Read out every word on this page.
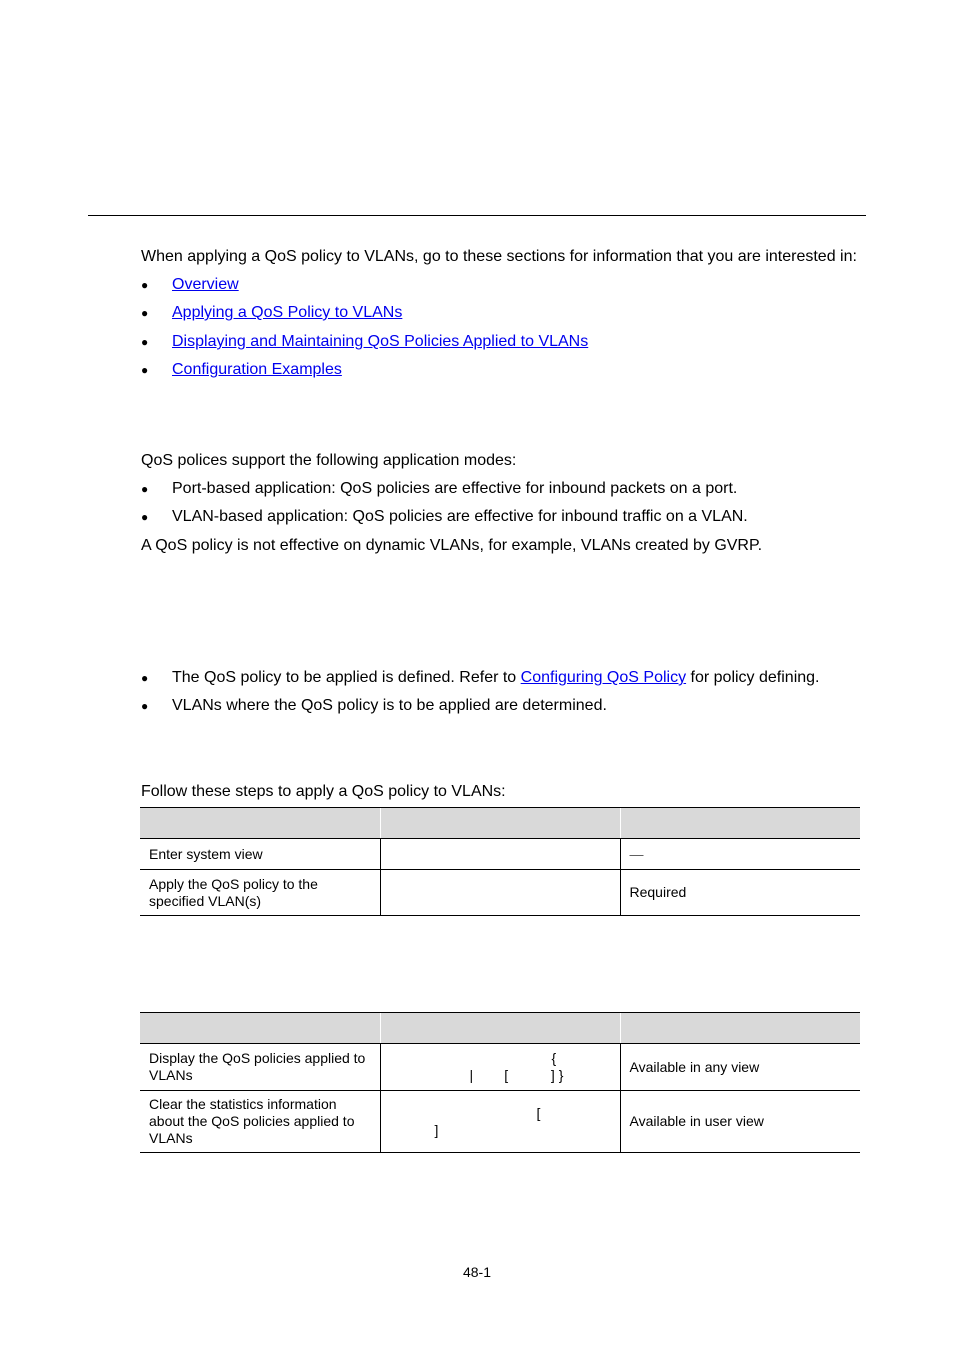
When applying a QoS policy to VLANs, go to these sections for information that you are interested in:
● Overview
● Applying a QoS Policy to VLANs
● Displaying and Maintaining QoS Policies Applied to VLANs
● Configuration Examples
QoS polices support the following application modes:
● Port-based application: QoS policies are effective for inbound packets on a port.
● VLAN-based application: QoS policies are effective for inbound traffic on a VLAN.
A QoS policy is not effective on dynamic VLANs, for example, VLANs created by GVRP.
● The QoS policy to be applied is defined. Refer to Configuring QoS Policy for policy defining.
● VLANs where the QoS policy is to be applied are determined.
Follow these steps to apply a QoS policy to VLANs:

Enter system view		—
Apply the QoS policy to the specified VLAN(s)		Required

Display the QoS policies applied to VLANs	{
|        [           ] }	Available in any view
Clear the statistics information about the QoS policies applied to VLANs	[
]	Available in user view
48-1
